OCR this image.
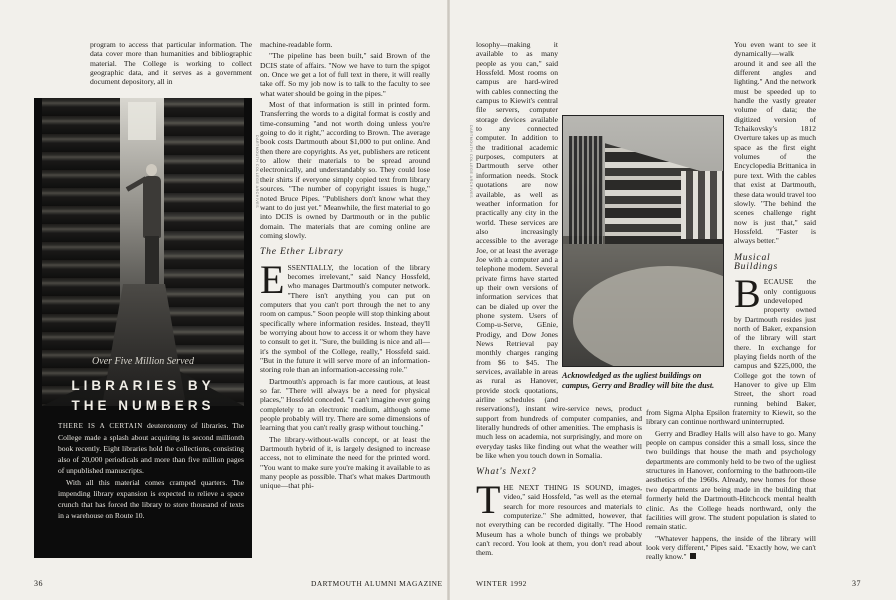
program to access that particular information. The data cover more than humanities and bibliographic material. The College is working to collect geographic data, and it serves as a government document depository, all in

Over Five Million Served
LIBRARIES BY
THE NUMBERS

THERE IS A CERTAIN deuteronomy of libraries. The College made a splash about acquiring its second millionth book recently. Eight libraries hold the collections, consisting also of 20,000 periodicals and more than five million pages of unpublished manuscripts.

With all this material comes cramped quarters. The impending library expansion is expected to relieve a space crunch that has forced the library to store thousand of texts in a warehouse on Route 10.

DARTMOUTH COLLEGE ARCHIVES

machine-readable form.

"The pipeline has been built," said Brown of the DCIS state of affairs. "Now we have to turn the spigot on. Once we get a lot of full text in there, it will really take off. So my job now is to talk to the faculty to see what water should be going in the pipes."

Most of that information is still in printed form. Transferring the words to a digital format is costly and time-consuming "and not worth doing unless you're going to do it right," according to Brown. The average book costs Dartmouth about $1,000 to put online. And then there are copyrights. As yet, publishers are reticent to allow their materials to be spread around electronically, and understandably so. They could lose their shirts if everyone simply copied text from library sources. "The number of copyright issues is huge," noted Bruce Pipes. "Publishers don't know what they want to do just yet." Meanwhile, the first material to go into DCIS is owned by Dartmouth or in the public domain. The materials that are coming online are coming slowly.

The Ether Library

ESSENTIALLY, the location of the library becomes irrelevant," said Nancy Hossfeld, who manages Dartmouth's computer network. "There isn't anything you can put on computers that you can't port through the net to any room on campus." Soon people will stop thinking about specifically where information resides. Instead, they'll be worrying about how to access it or whom they have to consult to get it. "Sure, the building is nice and all—it's the symbol of the College, really," Hossfeld said. "But in the future it will serve more of an information-storing role than an information-accessing role."

Dartmouth's approach is far more cautious, at least so far. "There will always be a need for physical places," Hossfeld conceded. "I can't imagine ever going completely to an electronic medium, although some people probably will try. There are some dimensions of learning that you can't really grasp without touching."

The library-without-walls concept, or at least the Dartmouth hybrid of it, is largely designed to increase access, not to eliminate the need for the printed word. "You want to make sure you're making it available to as many people as possible. That's what makes Dartmouth unique—that phi-

DARTMOUTH COLLEGE ARCHIVES

losophy—making it available to as many people as you can," said Hossfeld. Most rooms on campus are hard-wired with cables connecting the campus to Kiewit's central file servers, computer storage devices available to any connected computer. In addition to the traditional academic purposes, computers at Dartmouth serve other information needs. Stock quotations are now available, as well as weather information for practically any city in the world. These services are also increasingly accessible to the average Joe, or at least the average Joe with a computer and a telephone modem. Several private firms have started up their own versions of information services that can be dialed up over the phone system. Users of Comp-u-Serve, GEnie, Prodigy, and Dow Jones News Retrieval pay monthly charges ranging from $6 to $45. The services, available in areas as rural as Hanover, provide stock quotations, airline schedules (and reservations!), instant wire-service news, product support from hundreds of computer companies, and literally hundreds of other amenities. The emphasis is much less on academia, not surprisingly, and more on everyday tasks like finding out what the weather will be like when you touch down in Somalia.

What's Next?

THE NEXT THING IS SOUND, images, video," said Hossfeld, "as well as the eternal search for more resources and materials to computerize." She admitted, however, that not everything can be recorded digitally. "The Hood Museum has a whole bunch of things we probably can't record. You look at them, you don't read about them.

Acknowledged as the ugliest buildings on campus, Gerry and Bradley will bite the dust.

You even want to see it dynamically—walk around it and see all the different angles and lighting." And the network must be speeded up to handle the vastly greater volume of data; the digitized version of Tchaikovsky's 1812 Overture takes up as much space as the first eight volumes of the Encyclopedia Brittanica in pure text. With the cables that exist at Dartmouth, these data would travel too slowly. "The behind the scenes challenge right now is just that," said Hossfeld. "Faster is always better."

Musical Buildings

BECAUSE the only contiguous undeveloped property owned by Dartmouth resides just north of Baker, expansion of the library will start there. In exchange for playing fields north of the campus and $225,000, the College got the town of Hanover to give up Elm Street, the short road running behind Baker, from Sigma Alpha Epsilon fraternity to Kiewit, so the library can continue northward uninterrupted.

Gerry and Bradley Halls will also have to go. Many people on campus consider this a small loss, since the two buildings that house the math and psychology departments are commonly held to be two of the ugliest structures in Hanover, conforming to the bathroom-tile aesthetics of the 1960s. Already, new homes for those two departments are being made in the building that formerly held the Dartmouth-Hitchcock mental health clinic. As the College heads northward, only the facilities will grow. The student population is slated to remain static.

"Whatever happens, the inside of the library will look very different," Pipes said. "Exactly how, we can't really know."

36	DARTMOUTH ALUMNI MAGAZINE	WINTER 1992	37
